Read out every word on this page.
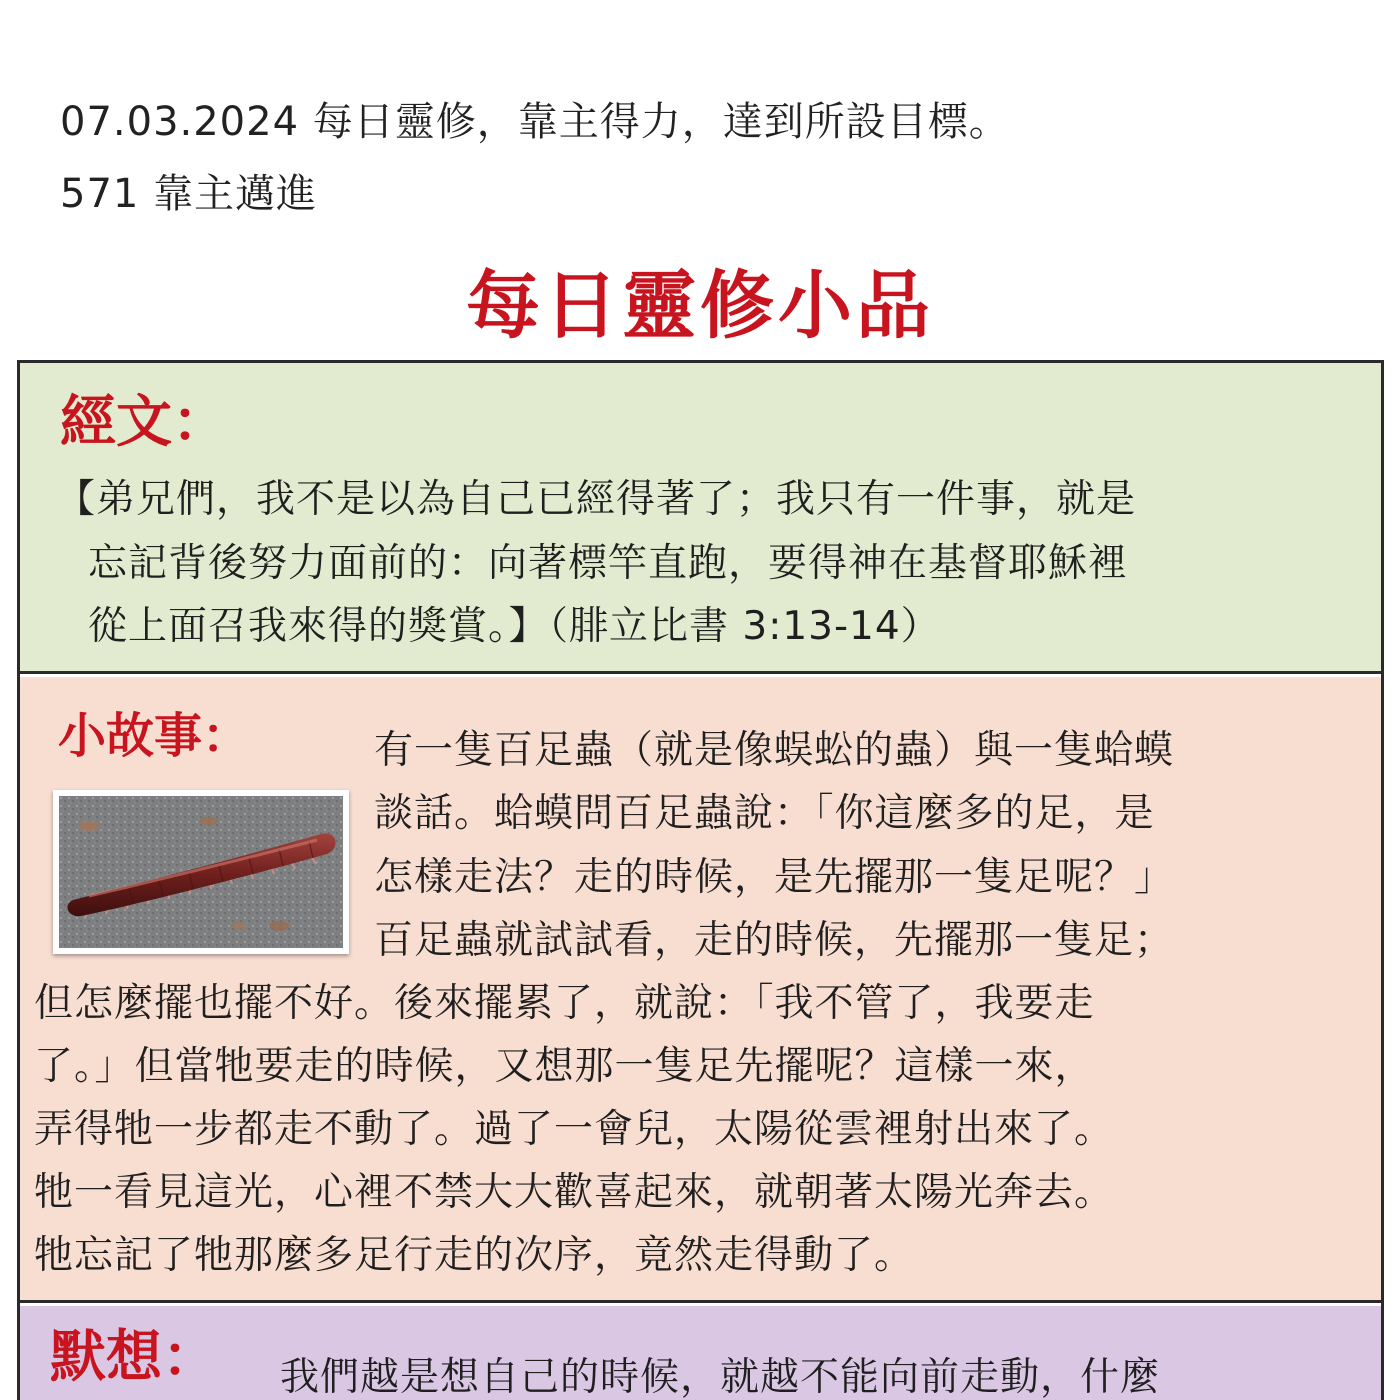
07.03.2024 每日靈修，靠主得力，達到所設目標。
571 靠主邁進
每日靈修小品
經文：
【弟兄們，我不是以為自己已經得著了；我只有一件事，就是
忘記背後努力面前的：向著標竿直跑，要得神在基督耶穌裡
從上面召我來得的獎賞。】（腓立比書 3:13-14）
小故事：	有一隻百足蟲（就是像蜈蚣的蟲）與一隻蛤蟆
談話。蛤蟆問百足蟲說：「你這麼多的足，是
怎樣走法？走的時候，是先擺那一隻足呢？」
百足蟲就試試看，走的時候，先擺那一隻足；
但怎麼擺也擺不好。後來擺累了，就說：「我不管了，我要走
了。」但當牠要走的時候，又想那一隻足先擺呢？這樣一來，
弄得牠一步都走不動了。過了一會兒，太陽從雲裡射出來了。
牠一看見這光，心裡不禁大大歡喜起來，就朝著太陽光奔去。
牠忘記了牠那麼多足行走的次序，竟然走得動了。
默想： 我們越是想自己的時候，就越不能向前走動，什麼
